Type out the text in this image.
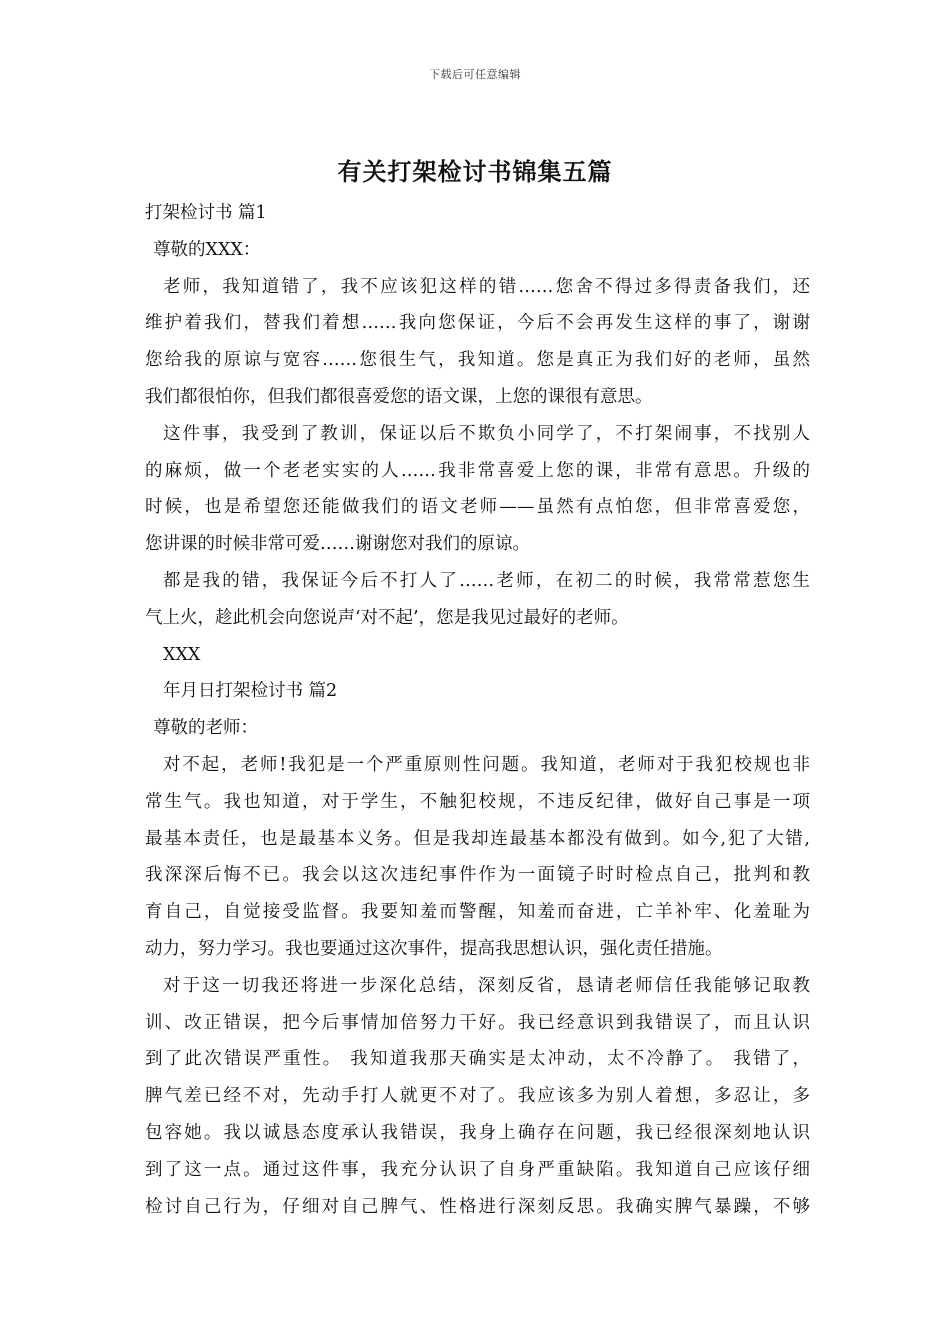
下载后可任意编辑
有关打架检讨书锦集五篇
打架检讨书 篇1
尊敬的XXX：
老师，我知道错了，我不应该犯这样的错……您舍不得过多得责备我们，还
维护着我们，替我们着想……我向您保证，今后不会再发生这样的事了，谢谢
您给我的原谅与宽容……您很生气，我知道。您是真正为我们好的老师，虽然
我们都很怕你，但我们都很喜爱您的语文课，上您的课很有意思。
这件事，我受到了教训，保证以后不欺负小同学了，不打架闹事，不找别人
的麻烦，做一个老老实实的人……我非常喜爱上您的课，非常有意思。升级的
时候，也是希望您还能做我们的语文老师——虽然有点怕您，但非常喜爱您，
您讲课的时候非常可爱……谢谢您对我们的原谅。
都是我的错，我保证今后不打人了……老师，在初二的时候，我常常惹您生
气上火，趁此机会向您说声‘对不起’，您是我见过最好的老师。
XXX
年月日打架检讨书 篇2
尊敬的老师：
对不起，老师!我犯是一个严重原则性问题。我知道，老师对于我犯校规也非
常生气。我也知道，对于学生，不触犯校规，不违反纪律，做好自己事是一项
最基本责任，也是最基本义务。但是我却连最基本都没有做到。如今,犯了大错,
我深深后悔不已。我会以这次违纪事件作为一面镜子时时检点自己，批判和教
育自己，自觉接受监督。我要知羞而警醒，知羞而奋进，亡羊补牢、化羞耻为
动力，努力学习。我也要通过这次事件，提高我思想认识，强化责任措施。
对于这一切我还将进一步深化总结，深刻反省，恳请老师信任我能够记取教
训、改正错误，把今后事情加倍努力干好。我已经意识到我错误了，而且认识
到了此次错误严重性。 我知道我那天确实是太冲动，太不冷静了。 我错了，
脾气差已经不对，先动手打人就更不对了。我应该多为别人着想，多忍让，多
包容她。我以诚恳态度承认我错误，我身上确存在问题，我已经很深刻地认识
到了这一点。通过这件事，我充分认识了自身严重缺陷。我知道自己应该仔细
检讨自己行为，仔细对自己脾气、性格进行深刻反思。我确实脾气暴躁，不够
